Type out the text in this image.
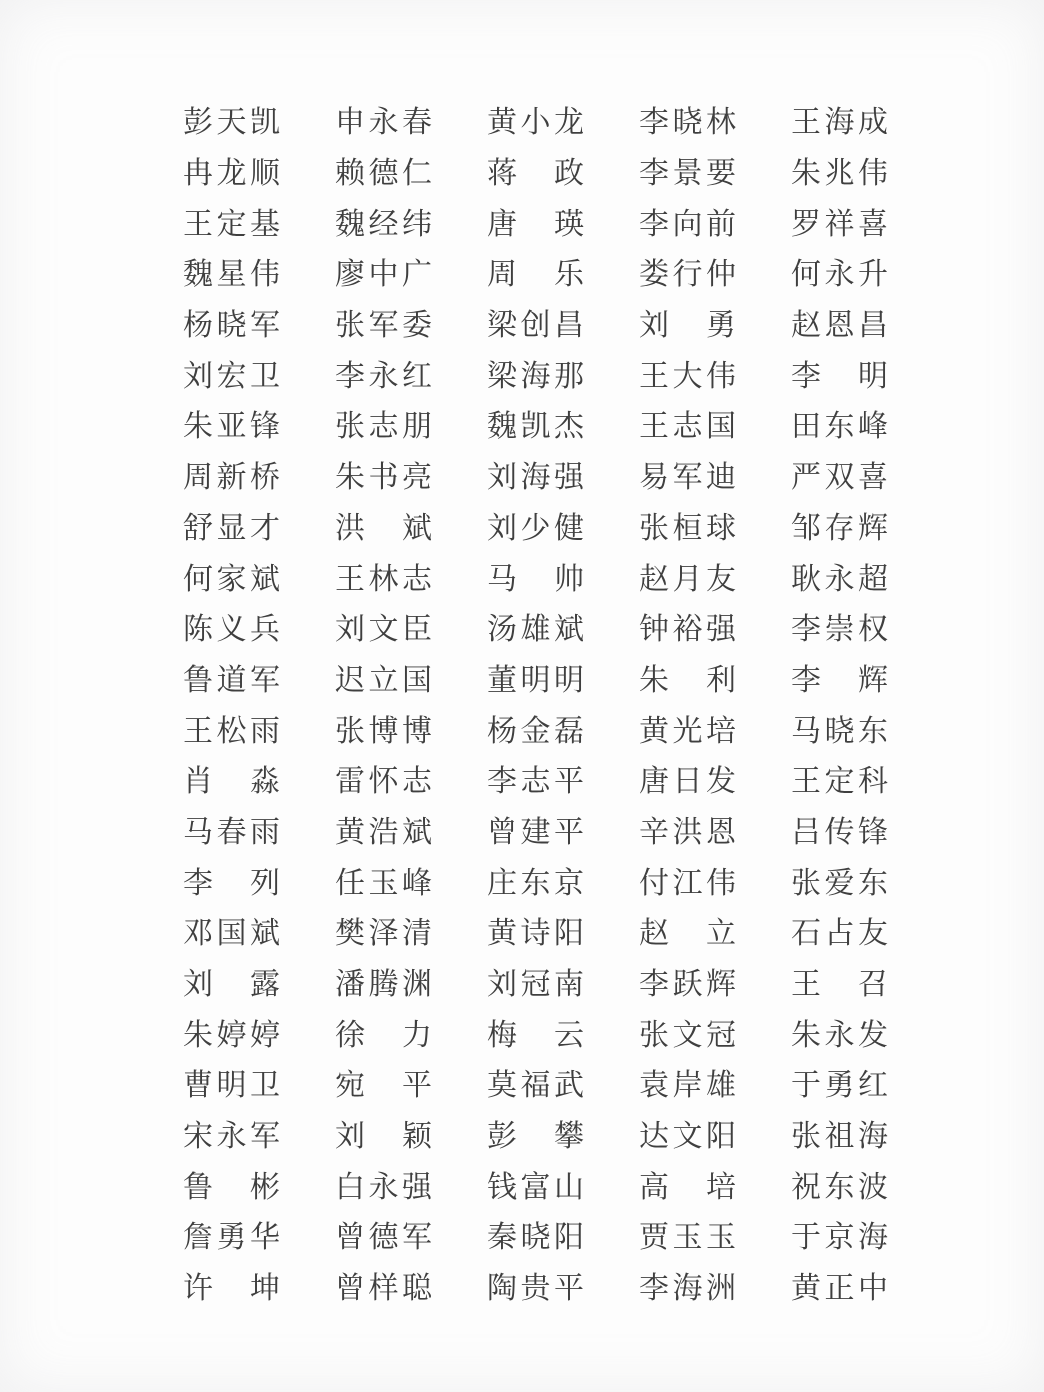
彭 天 凯 申 永 春 黄 小 龙 李 晓 林 王 海 成
冉 龙 顺 赖 德 仁 蒋 政 李 景 要 朱 兆 伟
王 定 基 魏 经 纬 唐 瑛 李 向 前 罗 祥 喜
魏 星 伟 廖 中 广 周 乐 娄 行 仲 何 永 升
杨 晓 军 张 军 委 梁 创 昌 刘 勇 赵 恩 昌
刘 宏 卫 李 永 红 梁 海 那 王 大 伟 李 明
朱 亚 锋 张 志 朋 魏 凯 杰 王 志 国 田 东 峰
周 新 桥 朱 书 亮 刘 海 强 易 军 迪 严 双 喜
舒 显 才 洪 斌 刘 少 健 张 桓 球 邹 存 辉
何 家 斌 王 林 志 马 帅 赵 月 友 耿 永 超
陈 义 兵 刘 文 臣 汤 雄 斌 钟 裕 强 李 崇 权
鲁 道 军 迟 立 国 董 明 明 朱 利 李 辉
王 松 雨 张 博 博 杨 金 磊 黄 光 培 马 晓 东
肖 淼 雷 怀 志 李 志 平 唐 日 发 王 定 科
马 春 雨 黄 浩 斌 曾 建 平 辛 洪 恩 吕 传 锋
李 列 任 玉 峰 庄 东 京 付 江 伟 张 爱 东
邓 国 斌 樊 泽 清 黄 诗 阳 赵 立 石 占 友
刘 露 潘 腾 渊 刘 冠 南 李 跃 辉 王 召
朱 婷 婷 徐 力 梅 云 张 文 冠 朱 永 发
曹 明 卫 宛 平 莫 福 武 袁 岸 雄 于 勇 红
宋 永 军 刘 颖 彭 攀 达 文 阳 张 祖 海
鲁 彬 白 永 强 钱 富 山 高 培 祝 东 波
詹 勇 华 曾 德 军 秦 晓 阳 贾 玉 玉 于 京 海
许 坤 曾 样 聪 陶 贵 平 李 海 洲 黄 正 中
